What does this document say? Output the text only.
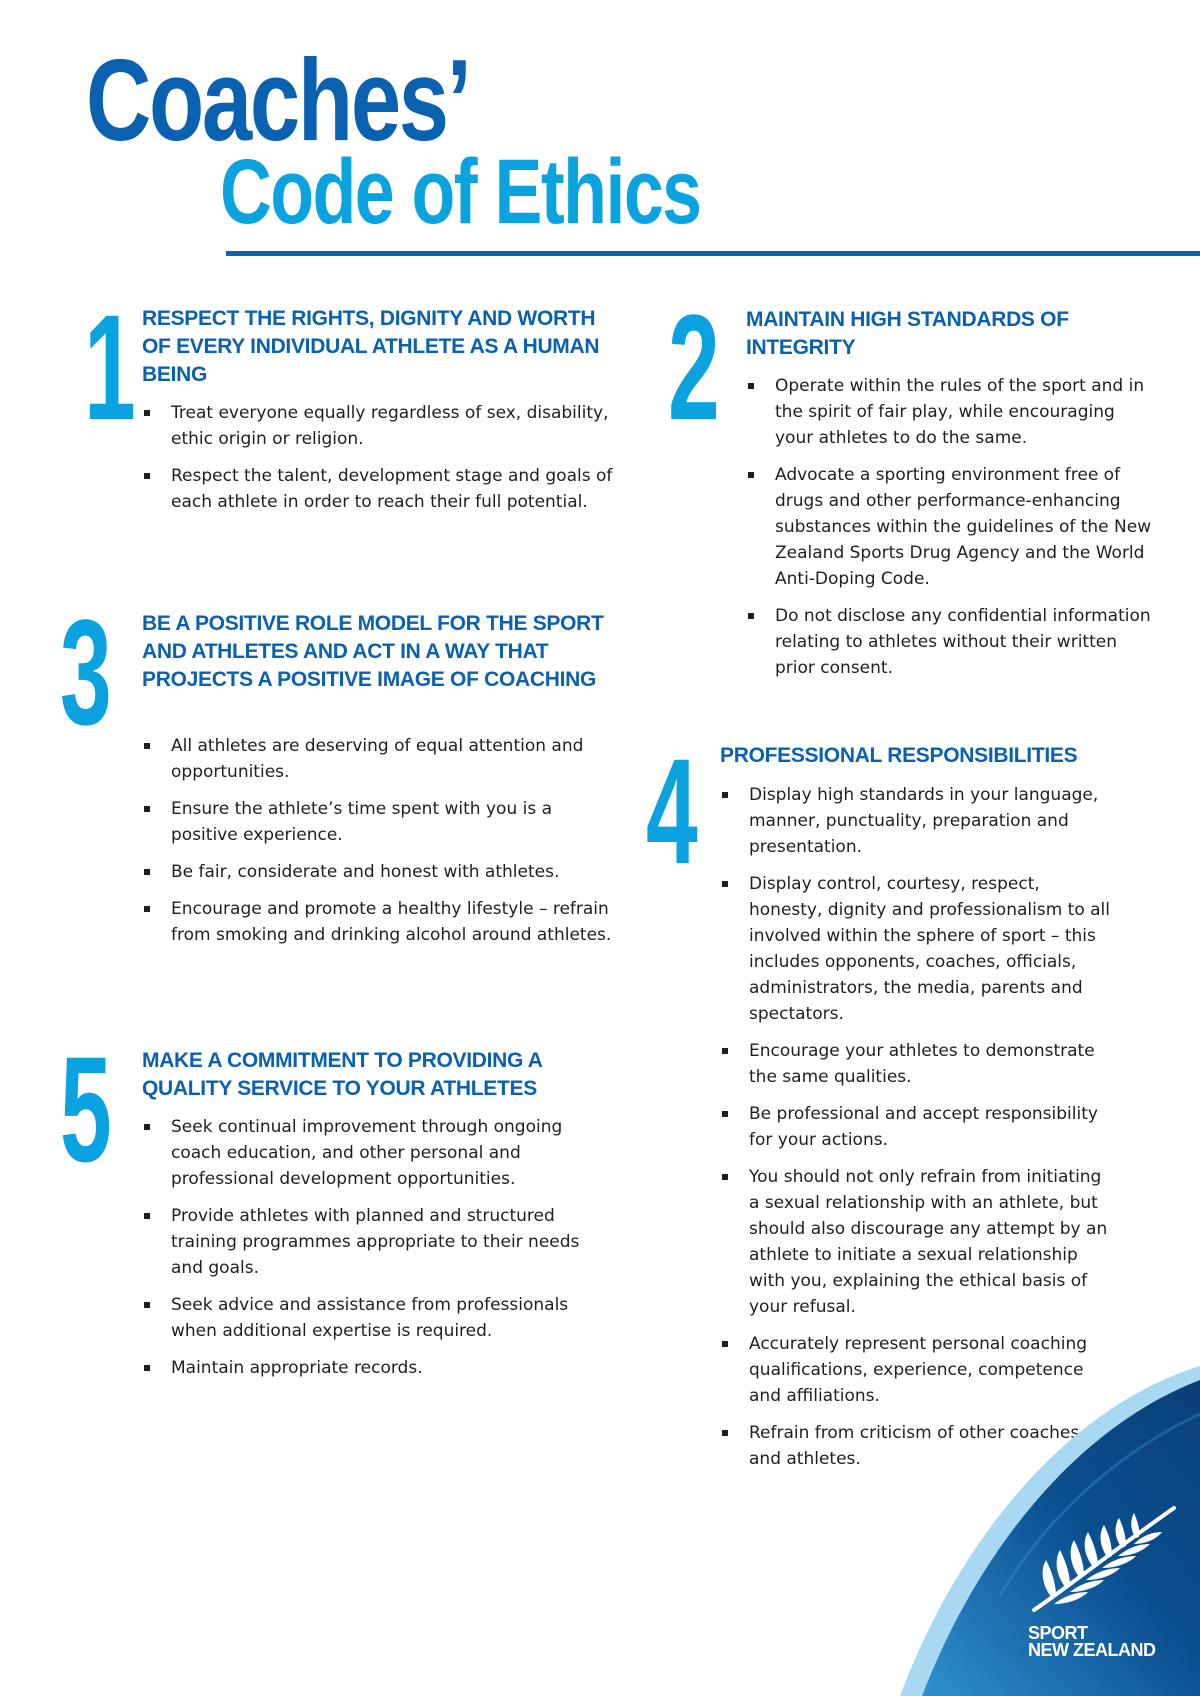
Coaches’
Code of Ethics
1 RESPECT THE RIGHTS, DIGNITY AND WORTH OF EVERY INDIVIDUAL ATHLETE AS A HUMAN BEING
Treat everyone equally regardless of sex, disability, ethic origin or religion.
Respect the talent, development stage and goals of each athlete in order to reach their full potential.
2 MAINTAIN HIGH STANDARDS OF INTEGRITY
Operate within the rules of the sport and in the spirit of fair play, while encouraging your athletes to do the same.
Advocate a sporting environment free of drugs and other performance-enhancing substances within the guidelines of the New Zealand Sports Drug Agency and the World Anti-Doping Code.
Do not disclose any confidential information relating to athletes without their written prior consent.
3 BE A POSITIVE ROLE MODEL FOR THE SPORT AND ATHLETES AND ACT IN A WAY THAT PROJECTS A POSITIVE IMAGE OF COACHING
All athletes are deserving of equal attention and opportunities.
Ensure the athlete’s time spent with you is a positive experience.
Be fair, considerate and honest with athletes.
Encourage and promote a healthy lifestyle – refrain from smoking and drinking alcohol around athletes.
4 PROFESSIONAL RESPONSIBILITIES
Display high standards in your language, manner, punctuality, preparation and presentation.
Display control, courtesy, respect, honesty, dignity and professionalism to all involved within the sphere of sport – this includes opponents, coaches, officials, administrators, the media, parents and spectators.
Encourage your athletes to demonstrate the same qualities.
Be professional and accept responsibility for your actions.
You should not only refrain from initiating a sexual relationship with an athlete, but should also discourage any attempt by an athlete to initiate a sexual relationship with you, explaining the ethical basis of your refusal.
Accurately represent personal coaching qualifications, experience, competence and affiliations.
Refrain from criticism of other coaches and athletes.
5 MAKE A COMMITMENT TO PROVIDING A QUALITY SERVICE TO YOUR ATHLETES
Seek continual improvement through ongoing coach education, and other personal and professional development opportunities.
Provide athletes with planned and structured training programmes appropriate to their needs and goals.
Seek advice and assistance from professionals when additional expertise is required.
Maintain appropriate records.
SPORT
NEW ZEALAND
